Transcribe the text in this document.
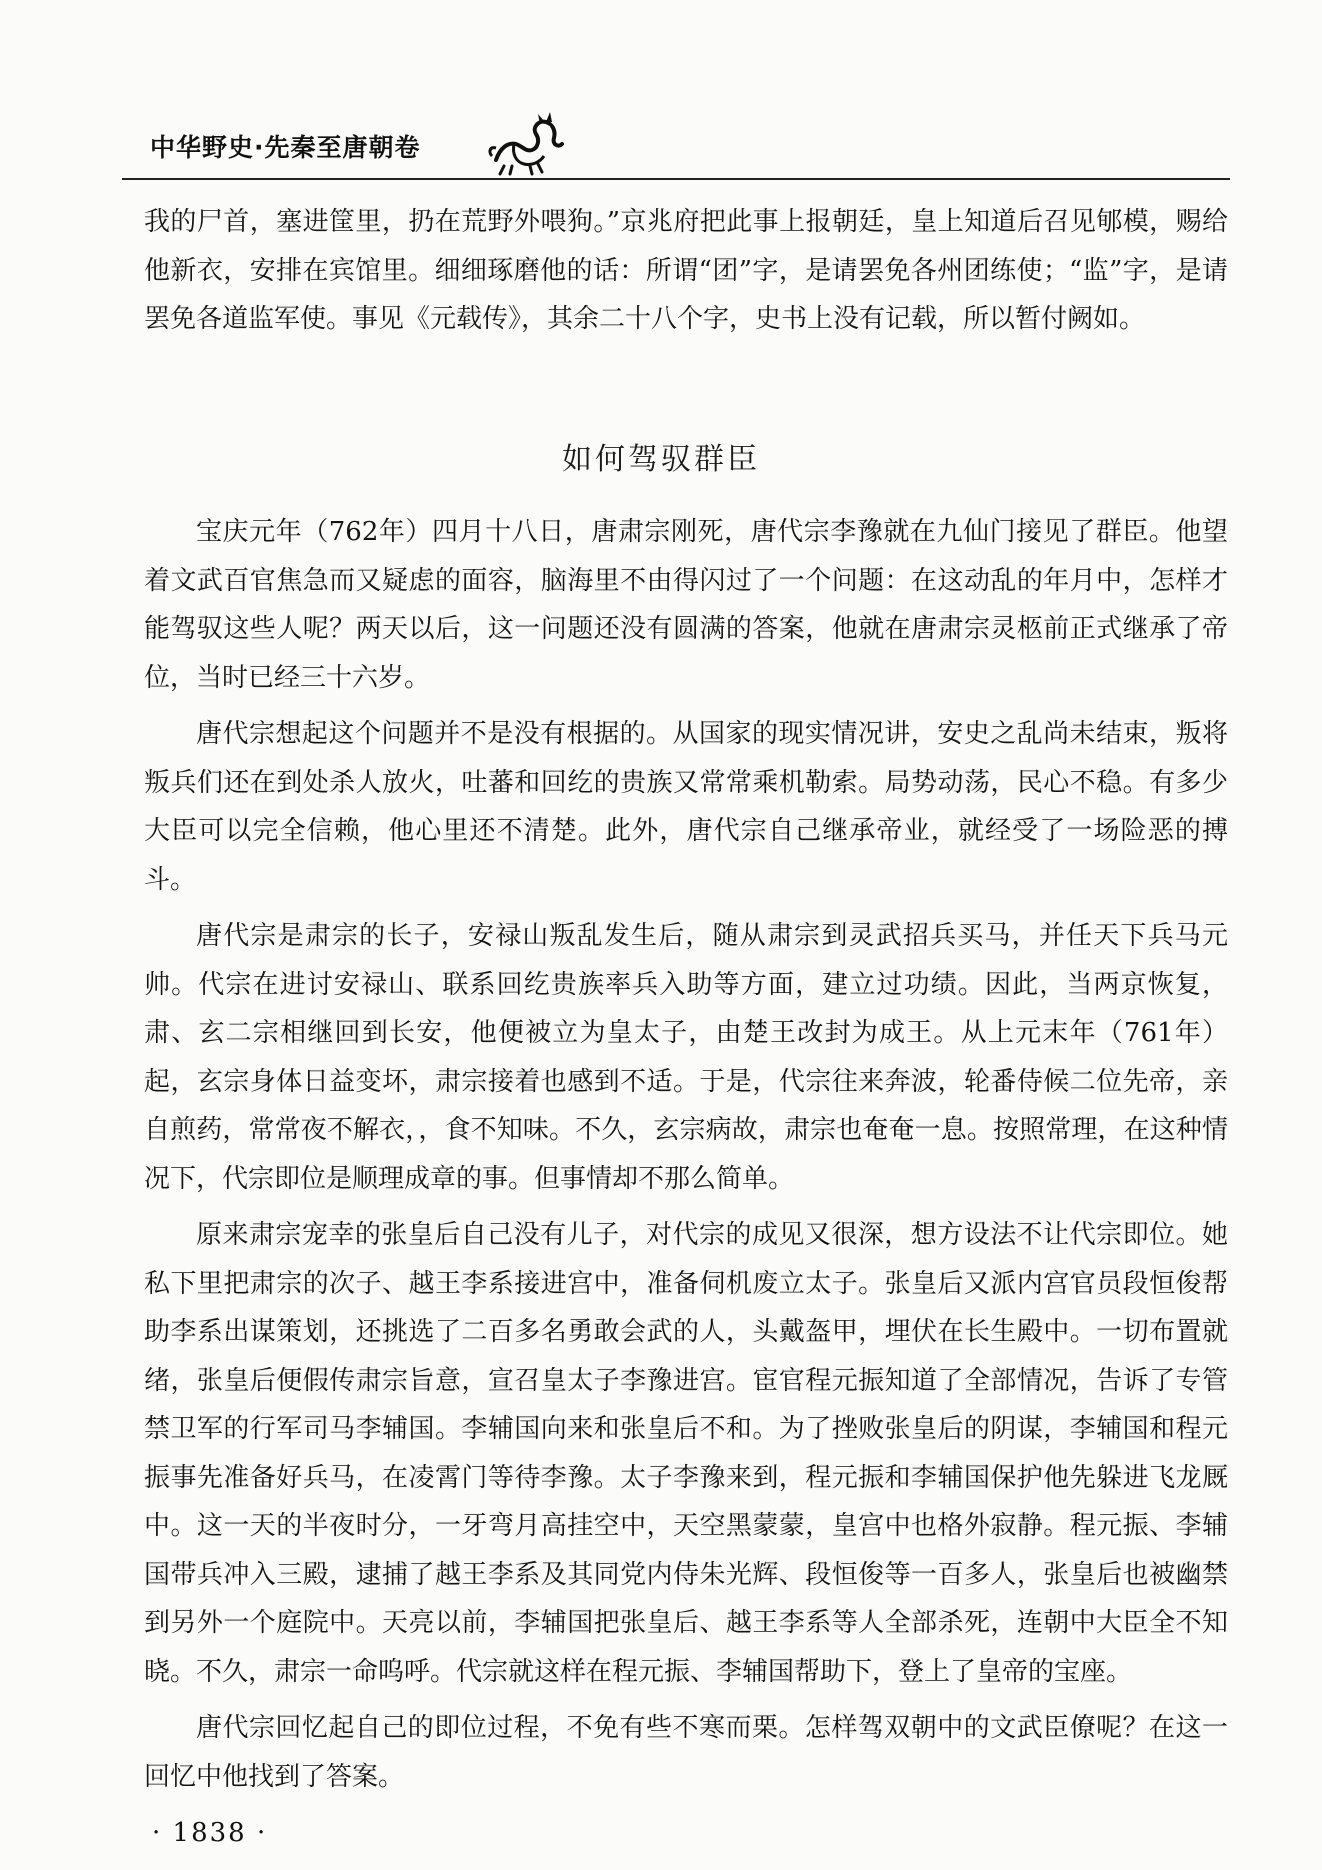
中华野史·先秦至唐朝卷

我的尸首，塞进筐里，扔在荒野外喂狗。”京兆府把此事上报朝廷，皇上知道后召见郇模，赐给他新衣，安排在宾馆里。细细琢磨他的话：所谓“团”字，是请罢免各州团练使；“监”字，是请罢免各道监军使。事见《元载传》，其余二十八个字，史书上没有记载，所以暂付阙如。

如何驾驭群臣

宝庆元年（762年）四月十八日，唐肃宗刚死，唐代宗李豫就在九仙门接见了群臣。他望着文武百官焦急而又疑虑的面容，脑海里不由得闪过了一个问题：在这动乱的年月中，怎样才能驾驭这些人呢？两天以后，这一问题还没有圆满的答案，他就在唐肃宗灵柩前正式继承了帝位，当时已经三十六岁。

唐代宗想起这个问题并不是没有根据的。从国家的现实情况讲，安史之乱尚未结束，叛将叛兵们还在到处杀人放火，吐蕃和回纥的贵族又常常乘机勒索。局势动荡，民心不稳。有多少大臣可以完全信赖，他心里还不清楚。此外，唐代宗自己继承帝业，就经受了一场险恶的搏斗。

唐代宗是肃宗的长子，安禄山叛乱发生后，随从肃宗到灵武招兵买马，并任天下兵马元帅。代宗在进讨安禄山、联系回纥贵族率兵入助等方面，建立过功绩。因此，当两京恢复，肃、玄二宗相继回到长安，他便被立为皇太子，由楚王改封为成王。从上元末年（761年）起，玄宗身体日益变坏，肃宗接着也感到不适。于是，代宗往来奔波，轮番侍候二位先帝，亲自煎药，常常夜不解衣，，食不知味。不久，玄宗病故，肃宗也奄奄一息。按照常理，在这种情况下，代宗即位是顺理成章的事。但事情却不那么简单。

原来肃宗宠幸的张皇后自己没有儿子，对代宗的成见又很深，想方设法不让代宗即位。她私下里把肃宗的次子、越王李系接进宫中，准备伺机废立太子。张皇后又派内宫官员段恒俊帮助李系出谋策划，还挑选了二百多名勇敢会武的人，头戴盔甲，埋伏在长生殿中。一切布置就绪，张皇后便假传肃宗旨意，宣召皇太子李豫进宫。宦官程元振知道了全部情况，告诉了专管禁卫军的行军司马李辅国。李辅国向来和张皇后不和。为了挫败张皇后的阴谋，李辅国和程元振事先准备好兵马，在凌霄门等待李豫。太子李豫来到，程元振和李辅国保护他先躲进飞龙厩中。这一天的半夜时分，一牙弯月高挂空中，天空黑蒙蒙，皇宫中也格外寂静。程元振、李辅国带兵冲入三殿，逮捕了越王李系及其同党内侍朱光辉、段恒俊等一百多人，张皇后也被幽禁到另外一个庭院中。天亮以前，李辅国把张皇后、越王李系等人全部杀死，连朝中大臣全不知晓。不久，肃宗一命呜呼。代宗就这样在程元振、李辅国帮助下，登上了皇帝的宝座。

唐代宗回忆起自己的即位过程，不免有些不寒而栗。怎样驾双朝中的文武臣僚呢？在这一回忆中他找到了答案。

· 1838 ·
